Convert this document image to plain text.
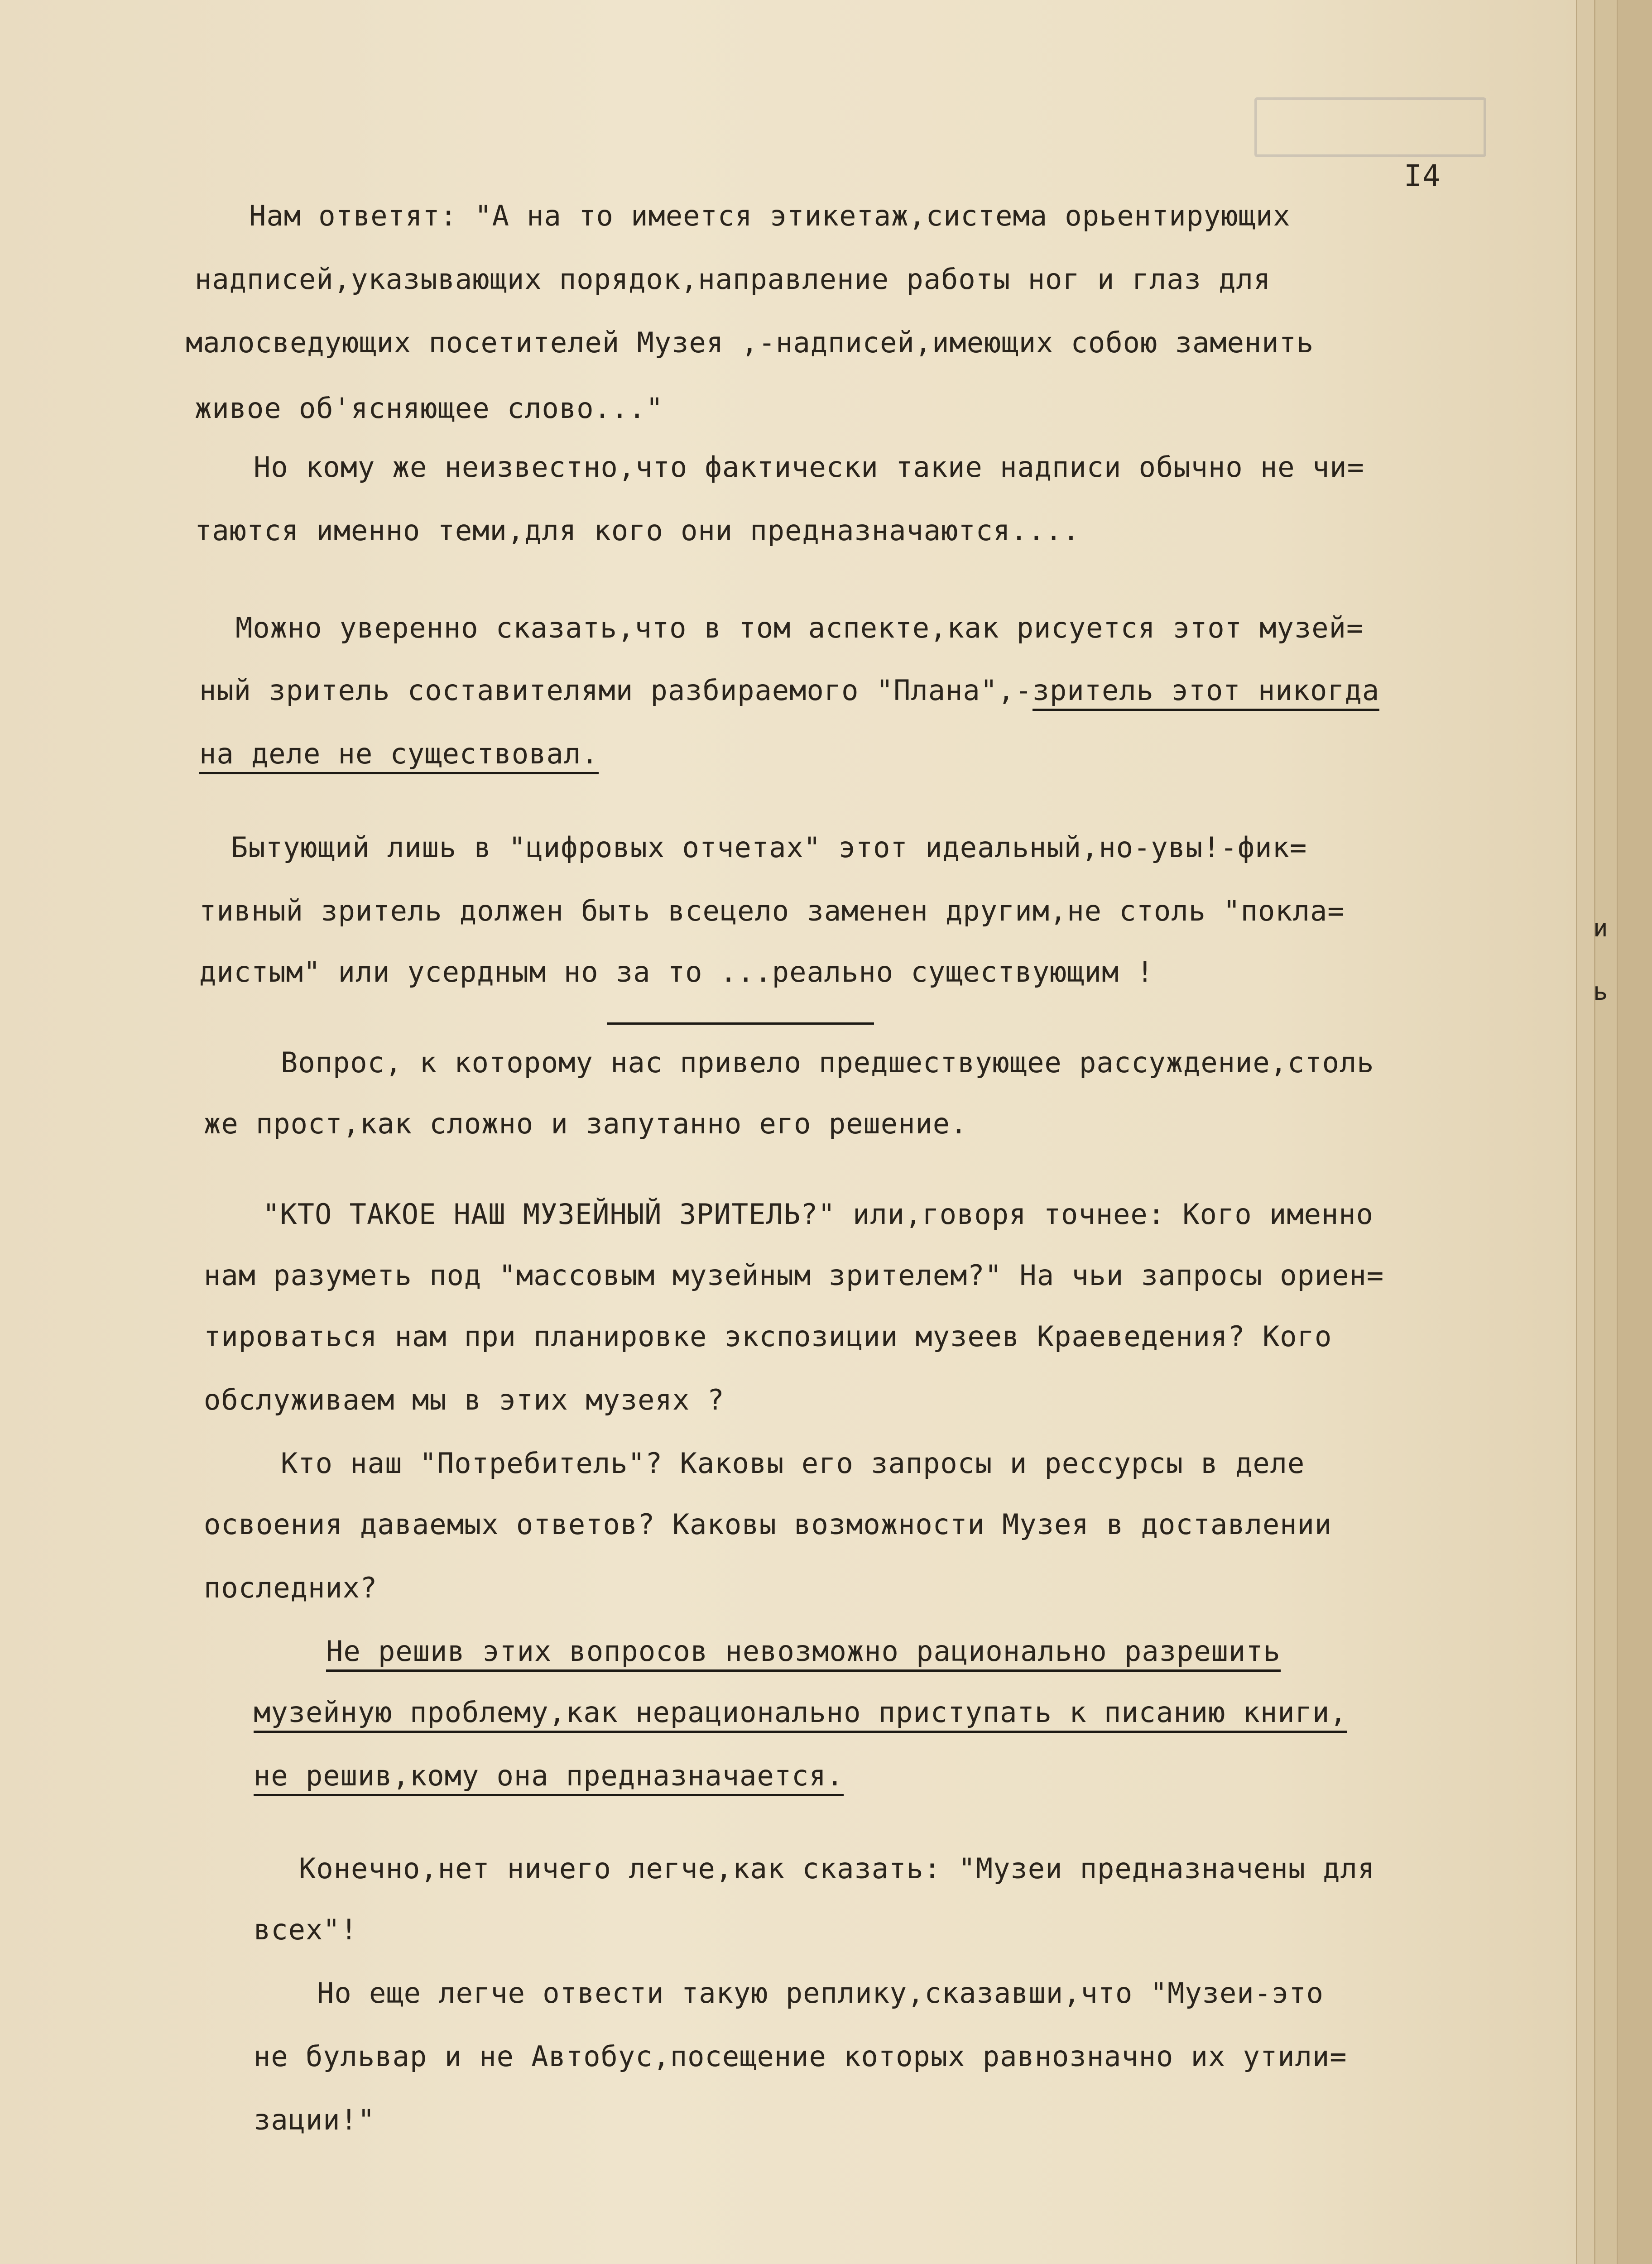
I4
Нам ответят: "А на то имеется этикетаж,система орьентирующих
надписей,указывающих порядок,направление работы ног и глаз для
малосведующих посетителей Музея ,-надписей,имеющих собою заменить
живое об'ясняющее слово..."
Но кому же неизвестно,что фактически такие надписи обычно не чи=
таются именно теми,для кого они предназначаются....
Можно уверенно сказать,что в том аспекте,как рисуется этот музей=
ный зритель составителями разбираемого "Плана",-зритель этот никогда
на деле не существовал.
Бытующий лишь в "цифровых отчетах" этот идеальный,но-увы!-фик=
тивный зритель должен быть всецело заменен другим,не столь "покла=
дистым" или усердным но за то ...реально существующим !
Вопрос, к которому нас привело предшествующее рассуждение,столь
же прост,как сложно и запутанно его решение.
"КТО ТАКОЕ НАШ МУЗЕЙНЫЙ ЗРИТЕЛЬ?" или,говоря точнее: Кого именно
нам разуметь под "массовым музейным зрителем?" На чьи запросы ориен=
тироваться нам при планировке экспозиции музеев Краеведения? Кого
обслуживаем мы в этих музеях ?
Кто наш "Потребитель"? Каковы его запросы и рессурсы в деле
освоения даваемых ответов? Каковы возможности Музея в доставлении
последних?
Не решив этих вопросов невозможно рационально разрешить
музейную проблему,как нерационально приступать к писанию книги,
не решив,кому она предназначается.
Конечно,нет ничего легче,как сказать: "Музеи предназначены для
всех"!
Но еще легче отвести такую реплику,сказавши,что "Музеи-это
не бульвар и не Автобус,посещение которых равнозначно их утили=
зации!"
и
ь
